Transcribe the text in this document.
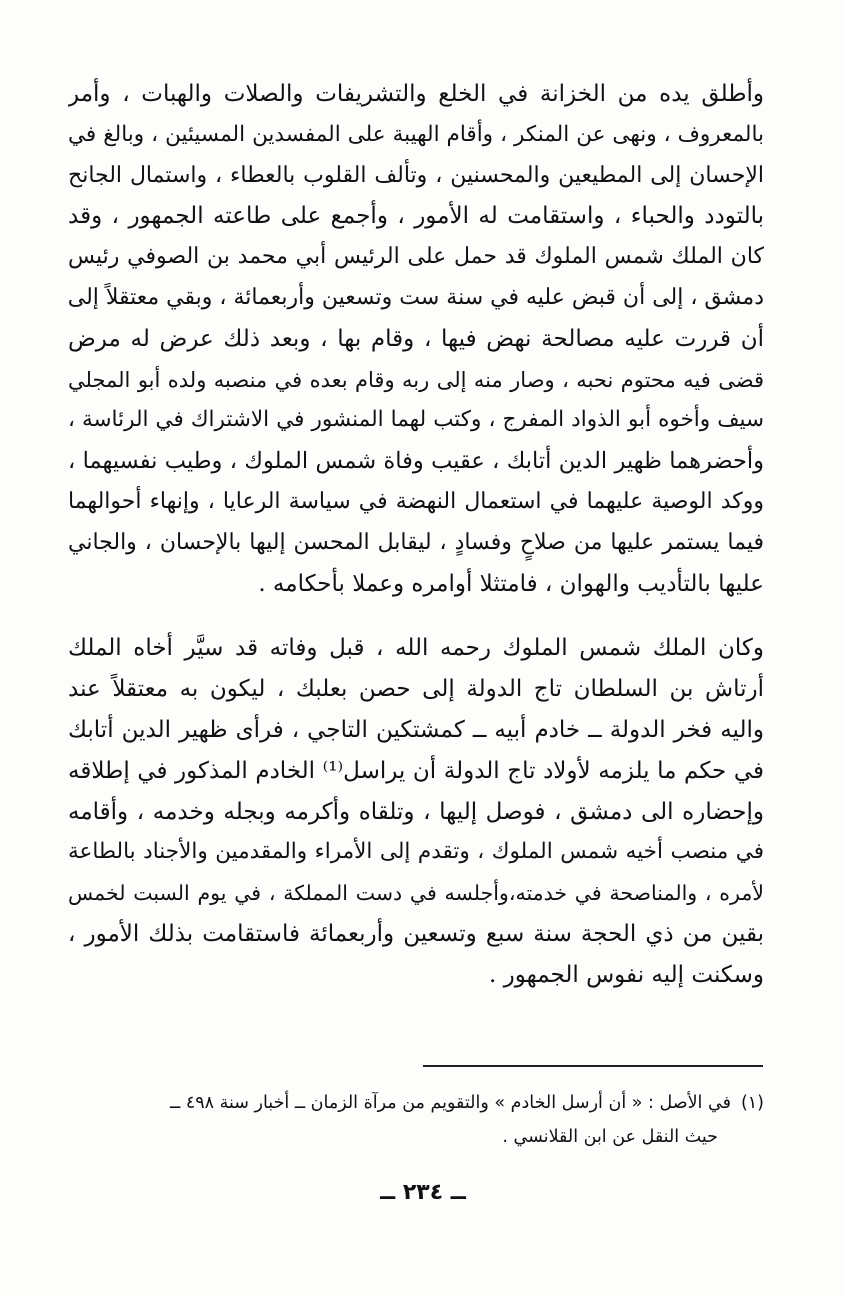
وأطلق يده من الخزانة في الخلع والتشريفات والصلات والهبات ، وأمر
بالمعروف ، ونهى عن المنكر ، وأقام الهيبة على المفسدين المسيئين ، وبالغ في
الإحسان إلى المطيعين والمحسنين ، وتألف القلوب بالعطاء ، واستمال الجانح
بالتودد والحباء ، واستقامت له الأمور ، وأجمع على طاعته الجمهور ، وقد
كان الملك شمس الملوك قد حمل على الرئيس أبي محمد بن الصوفي رئيس
دمشق ، إلى أن قبض عليه في سنة ست وتسعين وأربعمائة ، وبقي معتقلاً إلى
أن قررت عليه مصالحة نهض فيها ، وقام بها ، وبعد ذلك عرض له مرض
قضى فيه محتوم نحبه ، وصار منه إلى ربه وقام بعده في منصبه ولده أبو المجلي
سيف وأخوه أبو الذواد المفرج ، وكتب لهما المنشور في الاشتراك في الرئاسة ،
وأحضرهما ظهير الدين أتابك ، عقيب وفاة شمس الملوك ، وطيب نفسيهما ،
ووكد الوصية عليهما في استعمال النهضة في سياسة الرعايا ، وإنهاء أحوالهما
فيما يستمر عليها من صلاحٍ وفسادٍ ، ليقابل المحسن إليها بالإحسان ، والجاني
عليها بالتأديب والهوان ، فامتثلا أوامره وعملا بأحكامه .
وكان الملك شمس الملوك رحمه الله ، قبل وفاته قد سيَّر أخاه الملك
أرتاش بن السلطان تاج الدولة إلى حصن بعلبك ، ليكون به معتقلاً عند
واليه فخر الدولة ــ خادم أبيه ــ كمشتكين التاجي ، فرأى ظهير الدين أتابك
في حكم ما يلزمه لأولاد تاج الدولة أن يراسل⁽¹⁾ الخادم المذكور في إطلاقه
وإحضاره الى دمشق ، فوصل إليها ، وتلقاه وأكرمه وبجله وخدمه ، وأقامه
في منصب أخيه شمس الملوك ، وتقدم إلى الأمراء والمقدمين والأجناد بالطاعة
لأمره ، والمناصحة في خدمته،وأجلسه في دست المملكة ، في يوم السبت لخمس
بقين من ذي الحجة سنة سبع وتسعين وأربعمائة فاستقامت بذلك الأمور ،
وسكنت إليه نفوس الجمهور .
(١)في الأصل : « أن أرسل الخادم » والتقويم من مرآة الزمان ــ أخبار سنة ٤٩٨ ــ
حيث النقل عن ابن القلانسي .
ــ ٢٣٤ ــ
